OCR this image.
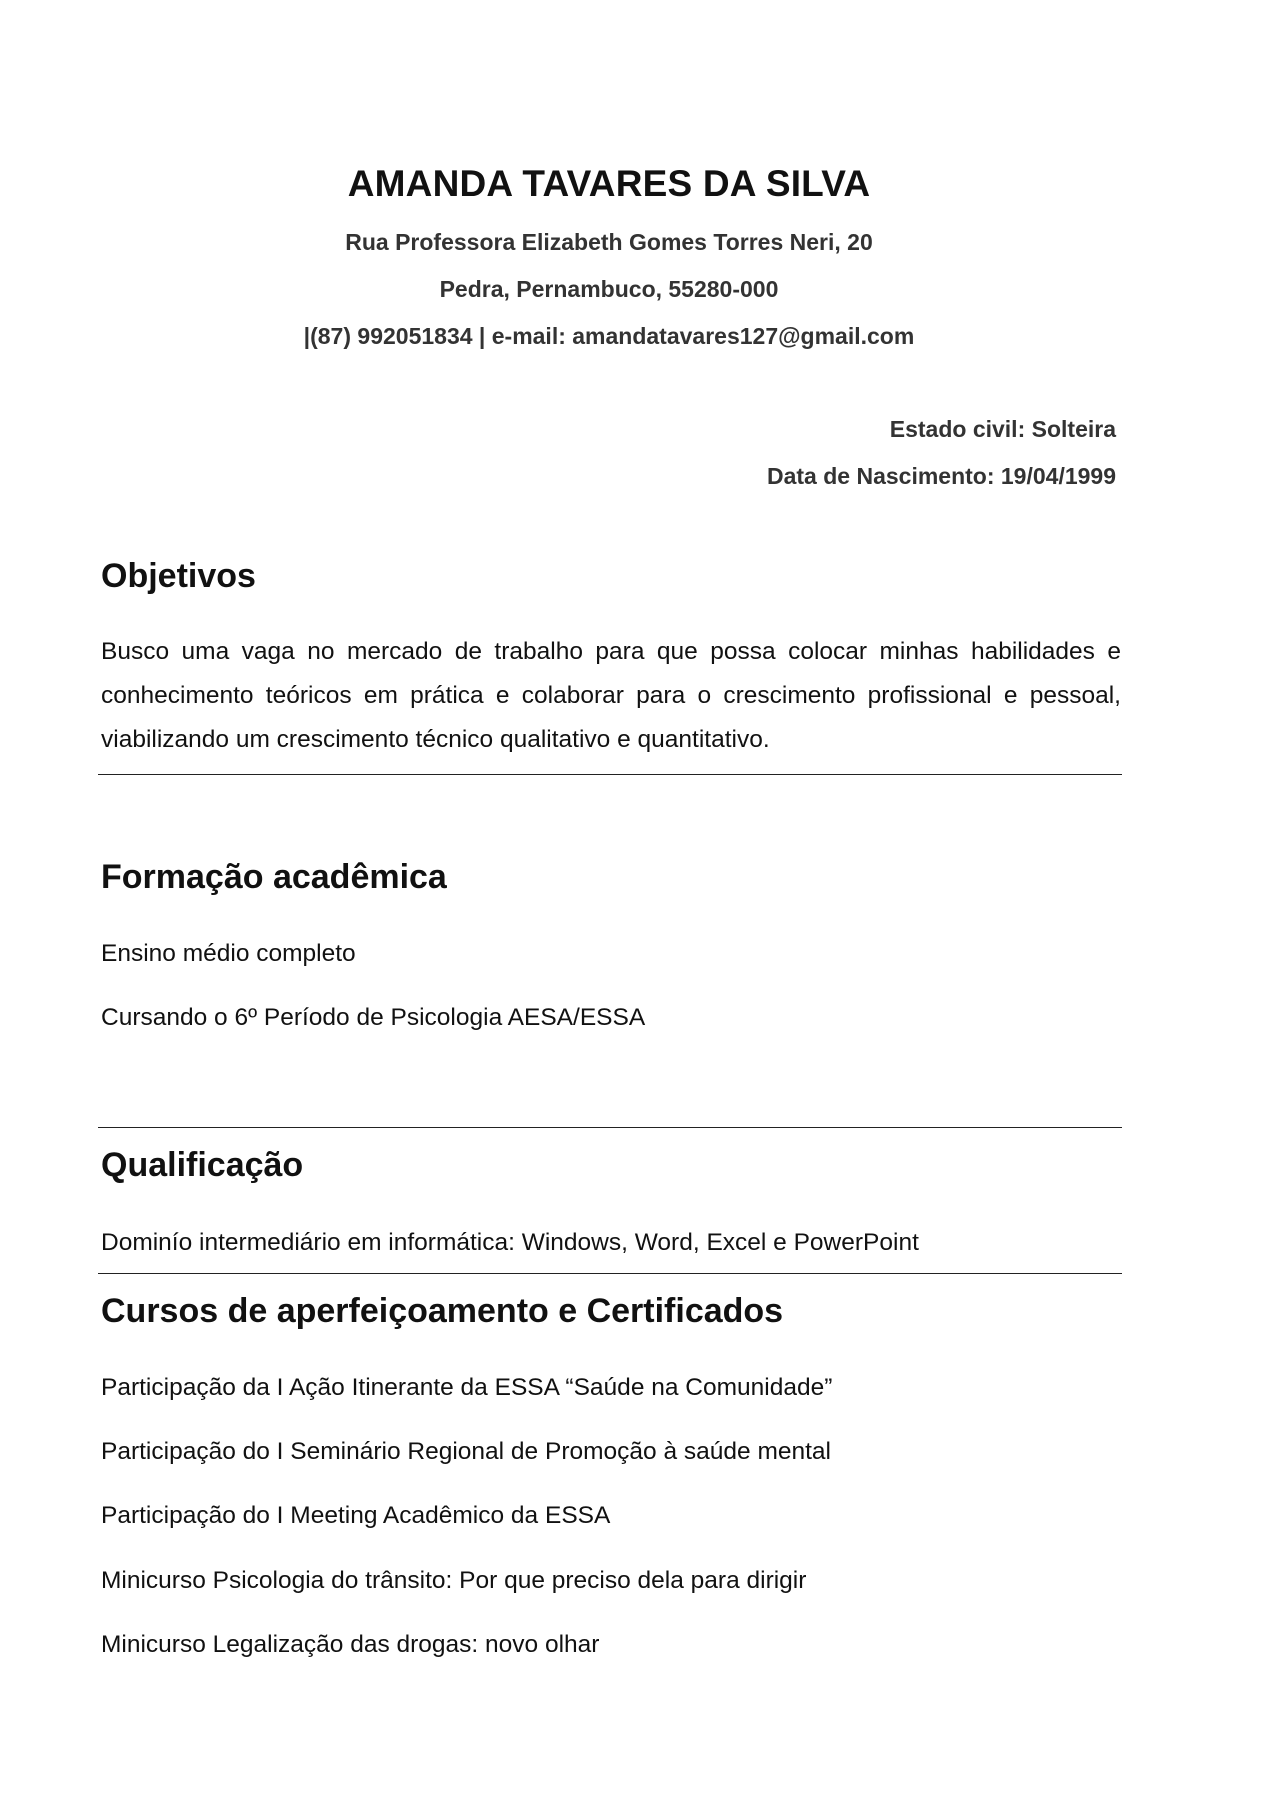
AMANDA TAVARES DA SILVA
Rua Professora Elizabeth Gomes Torres Neri, 20
Pedra, Pernambuco, 55280-000
|(87) 992051834 | e-mail: amandatavares127@gmail.com
Estado civil: Solteira
Data de Nascimento: 19/04/1999
Objetivos
Busco uma vaga no mercado de trabalho para que possa colocar minhas habilidades e conhecimento teóricos em prática e colaborar para o crescimento profissional e pessoal, viabilizando um crescimento técnico qualitativo e quantitativo.
Formação acadêmica
Ensino médio completo
Cursando o 6º Período de Psicologia AESA/ESSA
Qualificação
Dominío intermediário em informática: Windows, Word, Excel e PowerPoint
Cursos de aperfeiçoamento e Certificados
Participação da I Ação Itinerante da ESSA “Saúde na Comunidade”
Participação do I Seminário Regional de Promoção à saúde mental
Participação do I Meeting Acadêmico da ESSA
Minicurso Psicologia do trânsito: Por que preciso dela para dirigir
Minicurso Legalização das drogas: novo olhar
